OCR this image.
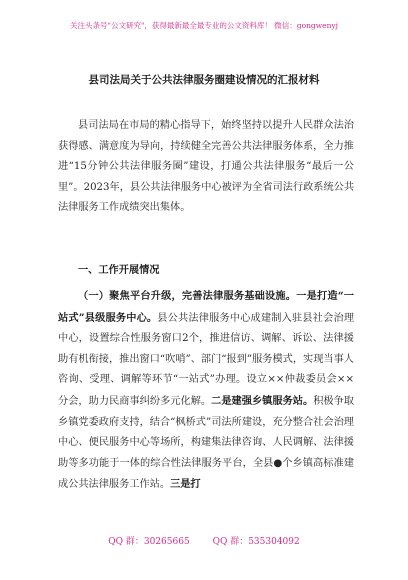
关注头条号"公文研究"，获得最新最全最专业的公文资料库！ 微信：gongwenyj
县司法局关于公共法律服务圈建设情况的汇报材料
县司法局在市局的精心指导下，始终坚持以提升人民群众法治获得感、满意度为导向，持续健全完善公共法律服务体系，全力推进“15分钟公共法律服务圈”建设，打通公共法律服务“最后一公里”。2023年，县公共法律服务中心被评为全省司法行政系统公共法律服务工作成绩突出集体。
一、工作开展情况
（一）聚焦平台升级，完善法律服务基础设施。一是打造“一站式”县级服务中心。县公共法律服务中心成建制入驻县社会治理中心，设置综合性服务窗口2个，推进信访、调解、诉讼、法律援助有机衔接，推出窗口“吹哨”、部门“报到”服务模式，实现当事人咨询、受理、调解等环节“一站式”办理。设立××仲裁委员会××分会，助力民商事纠纷多元化解。二是建强乡镇服务站。积极争取乡镇党委政府支持，结合“枫桥式”司法所建设，充分整合社会治理中心、便民服务中心等场所，构建集法律咨询、人民调解、法律援助等多功能于一体的综合性法律服务平台，全县●个乡镇高标准建成公共法律服务工作站。三是打
QQ 群：30265665	QQ 群：535304092
